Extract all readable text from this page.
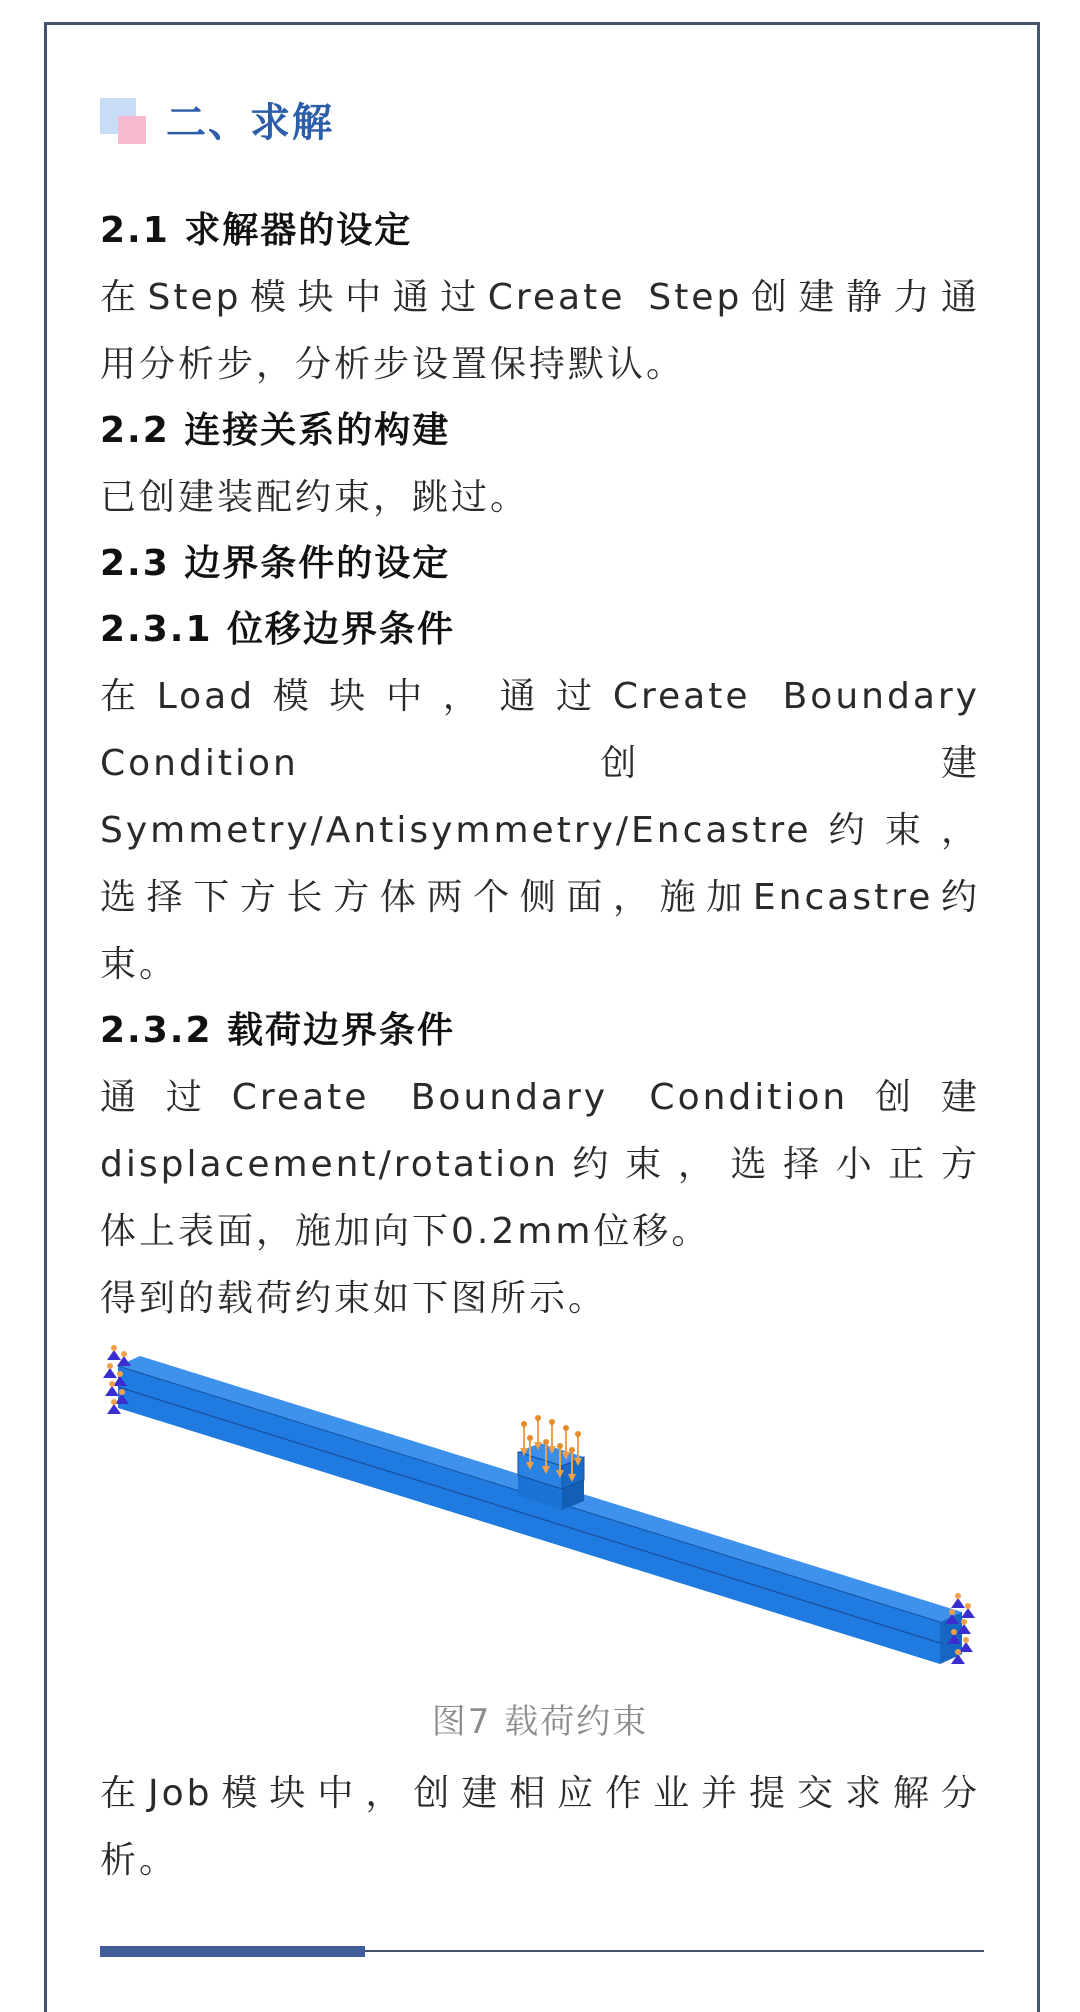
二、求解
2.1 求解器的设定
在Step模块中通过Create Step创建静力通
用分析步，分析步设置保持默认。
2.2 连接关系的构建
已创建装配约束，跳过。
2.3 边界条件的设定
2.3.1 位移边界条件
在Load模块中，通过Create Boundary
Condition创建
Symmetry/Antisymmetry/Encastre约束，
选择下方长方体两个侧面，施加Encastre约
束。
2.3.2 载荷边界条件
通过Create Boundary Condition创建
displacement/rotation约束，选择小正方
体上表面，施加向下0.2mm位移。
得到的载荷约束如下图所示。
图7 载荷约束
在Job模块中，创建相应作业并提交求解分
析。
